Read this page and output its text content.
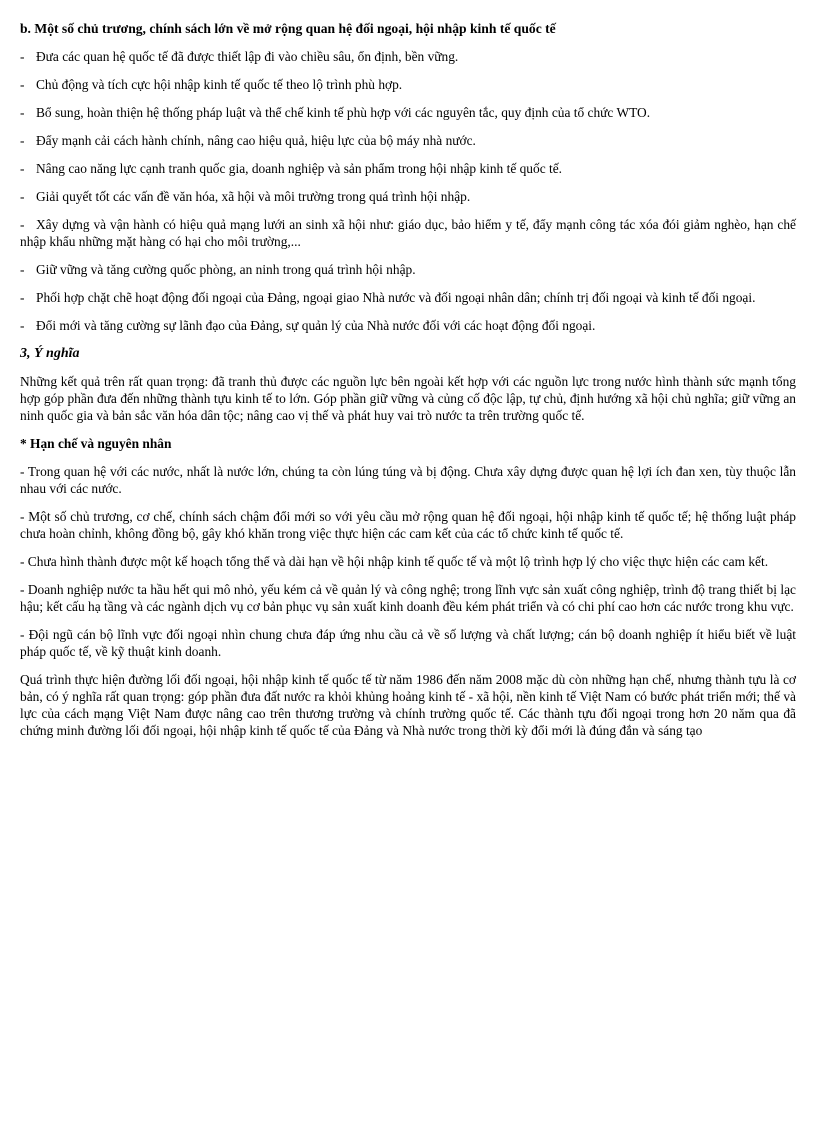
b. Một số chủ trương, chính sách lớn về mở rộng quan hệ đối ngoại, hội nhập kinh tế quốc tế

- Đưa các quan hệ quốc tế đã được thiết lập đi vào chiều sâu, ổn định, bền vững.

- Chủ động và tích cực hội nhập kinh tế quốc tế theo lộ trình phù hợp.

- Bổ sung, hoàn thiện hệ thống pháp luật và thể chế kinh tế phù hợp với các nguyên tắc, quy định của tổ chức WTO.

- Đẩy mạnh cải cách hành chính, nâng cao hiệu quả, hiệu lực của bộ máy nhà nước.

- Nâng cao năng lực cạnh tranh quốc gia, doanh nghiệp và sản phẩm trong hội nhập kinh tế quốc tế.

- Giải quyết tốt các vấn đề văn hóa, xã hội và môi trường trong quá trình hội nhập.

- Xây dựng và vận hành có hiệu quả mạng lưới an sinh xã hội như: giáo dục, bảo hiểm y tế, đẩy mạnh công tác xóa đói giảm nghèo, hạn chế nhập khẩu những mặt hàng có hại cho môi trường,...

- Giữ vững và tăng cường quốc phòng, an ninh trong quá trình hội nhập.

- Phối hợp chặt chẽ hoạt động đối ngoại của Đảng, ngoại giao Nhà nước và đối ngoại nhân dân; chính trị đối ngoại và kinh tế đối ngoại.

- Đổi mới và tăng cường sự lãnh đạo của Đảng, sự quản lý của Nhà nước đối với các hoạt động đối ngoại.

3, Ý nghĩa

Những kết quả trên rất quan trọng: đã tranh thủ được các nguồn lực bên ngoài kết hợp với các nguồn lực trong nước hình thành sức mạnh tổng hợp góp phần đưa đến những thành tựu kinh tế to lớn. Góp phần giữ vững và củng cố độc lập, tự chủ, định hướng xã hội chủ nghĩa; giữ vững an ninh quốc gia và bản sắc văn hóa dân tộc; nâng cao vị thế và phát huy vai trò nước ta trên trường quốc tế.

* Hạn chế và nguyên nhân

- Trong quan hệ với các nước, nhất là nước lớn, chúng ta còn lúng túng và bị động. Chưa xây dựng được quan hệ lợi ích đan xen, tùy thuộc lẫn nhau với các nước.

- Một số chủ trương, cơ chế, chính sách chậm đổi mới so với yêu cầu mở rộng quan hệ đối ngoại, hội nhập kinh tế quốc tế; hệ thống luật pháp chưa hoàn chỉnh, không đồng bộ, gây khó khăn trong việc thực hiện các cam kết của các tổ chức kinh tế quốc tế.

- Chưa hình thành được một kế hoạch tổng thể và dài hạn về hội nhập kinh tế quốc tế và một lộ trình hợp lý cho việc thực hiện các cam kết.

- Doanh nghiệp nước ta hầu hết qui mô nhỏ, yếu kém cả về quản lý và công nghệ; trong lĩnh vực sản xuất công nghiệp, trình độ trang thiết bị lạc hậu; kết cấu hạ tầng và các ngành dịch vụ cơ bản phục vụ sản xuất kinh doanh đều kém phát triển và có chi phí cao hơn các nước trong khu vực.

- Đội ngũ cán bộ lĩnh vực đối ngoại nhìn chung chưa đáp ứng nhu cầu cả về số lượng và chất lượng; cán bộ doanh nghiệp ít hiểu biết về luật pháp quốc tế, về kỹ thuật kinh doanh.

Quá trình thực hiện đường lối đối ngoại, hội nhập kinh tế quốc tế từ năm 1986 đến năm 2008 mặc dù còn những hạn chế, nhưng thành tựu là cơ bản, có ý nghĩa rất quan trọng: góp phần đưa đất nước ra khỏi khủng hoảng kinh tế - xã hội, nền kinh tế Việt Nam có bước phát triển mới; thế và lực của cách mạng Việt Nam được nâng cao trên thương trường và chính trường quốc tế. Các thành tựu đối ngoại trong hơn 20 năm qua đã chứng minh đường lối đối ngoại, hội nhập kinh tế quốc tế của Đảng và Nhà nước trong thời kỳ đổi mới là đúng đắn và sáng tạo
